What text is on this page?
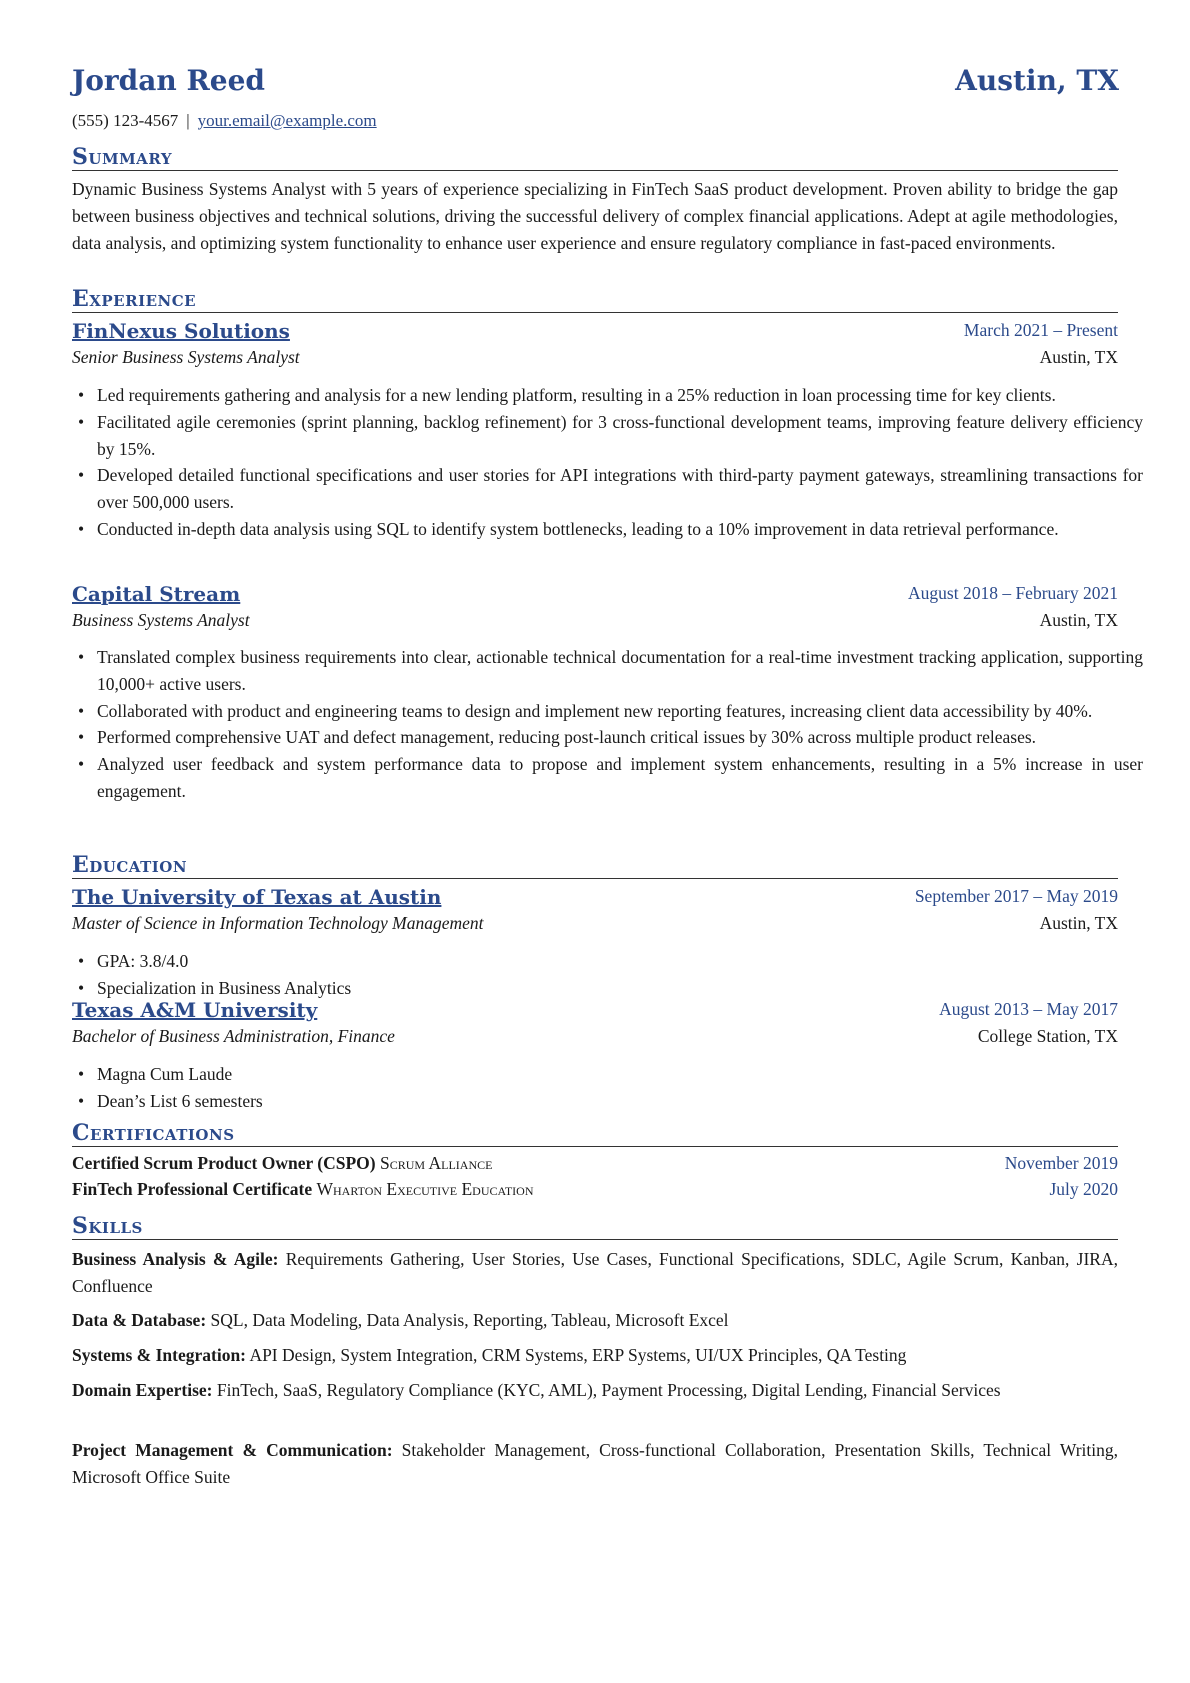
Jordan Reed	Austin, TX
(555) 123-4567 | your.email@example.com
Summary
Dynamic Business Systems Analyst with 5 years of experience specializing in FinTech SaaS product development. Proven ability to bridge the gap between business objectives and technical solutions, driving the successful delivery of complex financial applications. Adept at agile methodologies, data analysis, and optimizing system functionality to enhance user experience and ensure regulatory compliance in fast-paced environments.
Experience
FinNexus Solutions	March 2021 – Present
Senior Business Systems Analyst	Austin, TX
• Led requirements gathering and analysis for a new lending platform, resulting in a 25% reduction in loan processing time for key clients.
• Facilitated agile ceremonies (sprint planning, backlog refinement) for 3 cross-functional development teams, improving feature delivery efficiency by 15%.
• Developed detailed functional specifications and user stories for API integrations with third-party payment gateways, streamlining transactions for over 500,000 users.
• Conducted in-depth data analysis using SQL to identify system bottlenecks, leading to a 10% improvement in data retrieval performance.
Capital Stream	August 2018 – February 2021
Business Systems Analyst	Austin, TX
• Translated complex business requirements into clear, actionable technical documentation for a real-time investment tracking application, supporting 10,000+ active users.
• Collaborated with product and engineering teams to design and implement new reporting features, increasing client data accessibility by 40%.
• Performed comprehensive UAT and defect management, reducing post-launch critical issues by 30% across multiple product releases.
• Analyzed user feedback and system performance data to propose and implement system enhancements, resulting in a 5% increase in user engagement.
Education
The University of Texas at Austin	September 2017 – May 2019
Master of Science in Information Technology Management	Austin, TX
• GPA: 3.8/4.0
• Specialization in Business Analytics
Texas A&M University	August 2013 – May 2017
Bachelor of Business Administration, Finance	College Station, TX
• Magna Cum Laude
• Dean’s List 6 semesters
Certifications
Certified Scrum Product Owner (CSPO) Scrum Alliance	November 2019
FinTech Professional Certificate Wharton Executive Education	July 2020
Skills
Business Analysis & Agile: Requirements Gathering, User Stories, Use Cases, Functional Specifications, SDLC, Agile Scrum, Kanban, JIRA, Confluence
Data & Database: SQL, Data Modeling, Data Analysis, Reporting, Tableau, Microsoft Excel
Systems & Integration: API Design, System Integration, CRM Systems, ERP Systems, UI/UX Principles, QA Testing
Domain Expertise: FinTech, SaaS, Regulatory Compliance (KYC, AML), Payment Processing, Digital Lending, Financial Services
Project Management & Communication: Stakeholder Management, Cross-functional Collaboration, Presentation Skills, Technical Writing, Microsoft Office Suite
